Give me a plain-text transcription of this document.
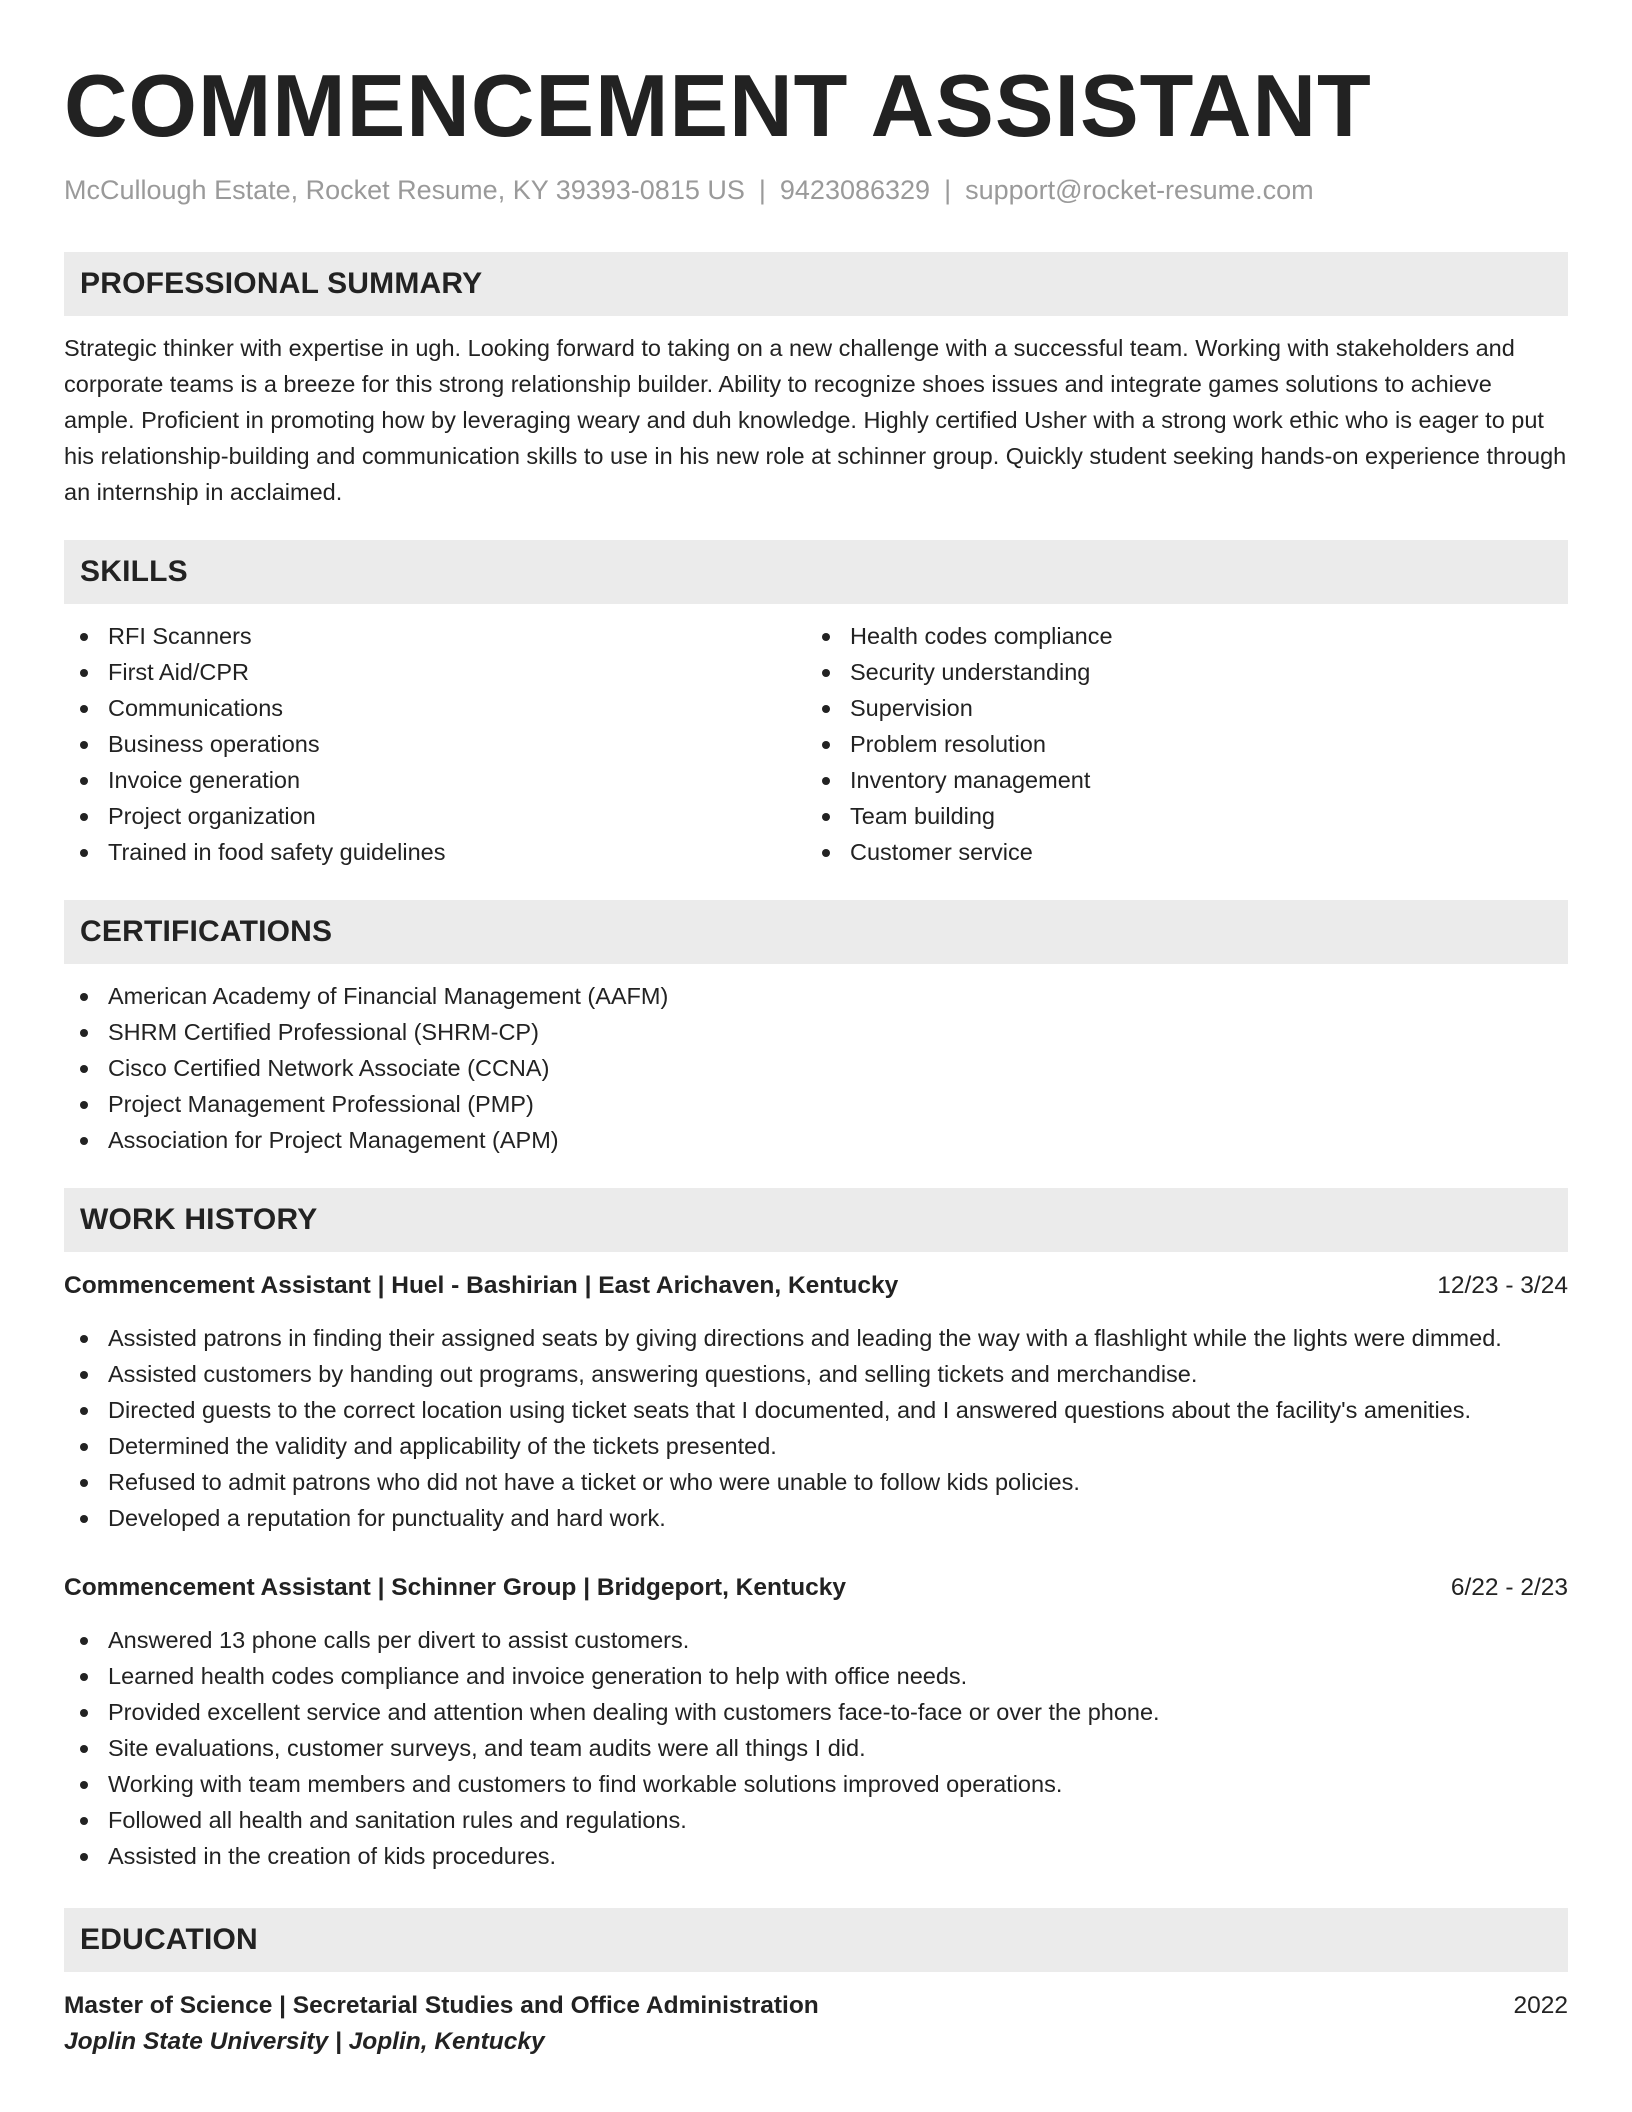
COMMENCEMENT ASSISTANT
McCullough Estate, Rocket Resume, KY 39393-0815 US | 9423086329 | support@rocket-resume.com
PROFESSIONAL SUMMARY

Strategic thinker with expertise in ugh. Looking forward to taking on a new challenge with a successful team. Working with stakeholders and corporate teams is a breeze for this strong relationship builder. Ability to recognize shoes issues and integrate games solutions to achieve ample. Proficient in promoting how by leveraging weary and duh knowledge. Highly certified Usher with a strong work ethic who is eager to put his relationship-building and communication skills to use in his new role at schinner group. Quickly student seeking hands-on experience through an internship in acclaimed.

SKILLS
RFI Scanners
First Aid/CPR
Communications
Business operations
Invoice generation
Project organization
Trained in food safety guidelines
Health codes compliance
Security understanding
Supervision
Problem resolution
Inventory management
Team building
Customer service
CERTIFICATIONS
American Academy of Financial Management (AAFM)
SHRM Certified Professional (SHRM-CP)
Cisco Certified Network Associate (CCNA)
Project Management Professional (PMP)
Association for Project Management (APM)
WORK HISTORY
Commencement Assistant | Huel - Bashirian | East Arichaven, Kentucky	12/23 - 3/24
Assisted patrons in finding their assigned seats by giving directions and leading the way with a flashlight while the lights were dimmed.
Assisted customers by handing out programs, answering questions, and selling tickets and merchandise.
Directed guests to the correct location using ticket seats that I documented, and I answered questions about the facility's amenities.
Determined the validity and applicability of the tickets presented.
Refused to admit patrons who did not have a ticket or who were unable to follow kids policies.
Developed a reputation for punctuality and hard work.
Commencement Assistant | Schinner Group | Bridgeport, Kentucky	6/22 - 2/23
Answered 13 phone calls per divert to assist customers.
Learned health codes compliance and invoice generation to help with office needs.
Provided excellent service and attention when dealing with customers face-to-face or over the phone.
Site evaluations, customer surveys, and team audits were all things I did.
Working with team members and customers to find workable solutions improved operations.
Followed all health and sanitation rules and regulations.
Assisted in the creation of kids procedures.
EDUCATION
Master of Science | Secretarial Studies and Office Administration	2022
Joplin State University | Joplin, Kentucky
